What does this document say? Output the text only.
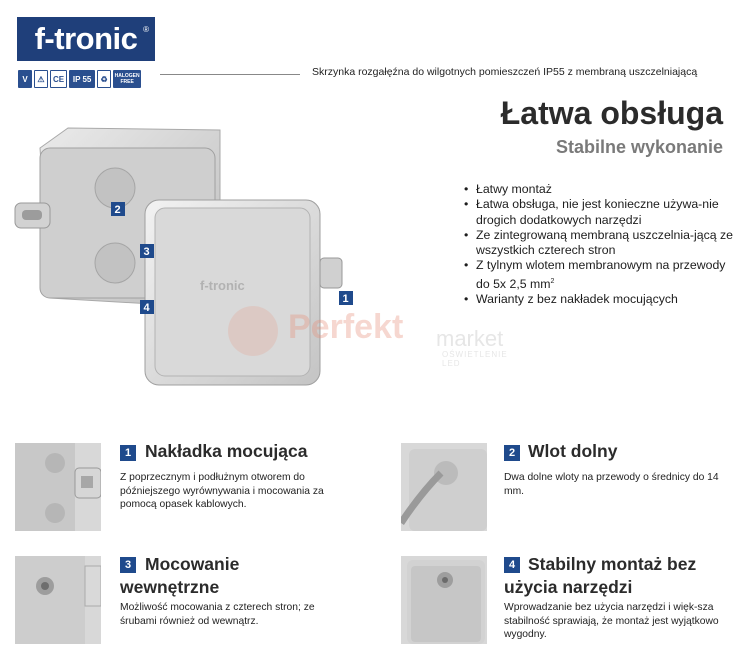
f-tronic ®
V	⚠	CE	IP 55	♻	HALOGEN FREE
Skrzynka rozgałęźna do wilgotnych pomieszczeń IP55 z membraną uszczelniającą
Łatwa obsługa
Stabilne wykonanie
• Łatwy montaż
• Łatwa obsługa, nie jest konieczne używa-nie drogich dodatkowych narzędzi
• Ze zintegrowaną membraną uszczelnia-jącą ze wszystkich czterech stron
• Z tylnym wlotem membranowym na przewody do 5x 2,5 $mm^2$
• Warianty z bez nakładek mocujących
f-tronic
2
3
4
1
Perfekt market
OŚWIETLENIE LED
1 Nakładka mocująca
Z poprzecznym i podłużnym otworem do późniejszego wyrównywania i mocowania za pomocą opasek kablowych.
2 Wlot dolny
Dwa dolne wloty na przewody o średnicy do 14 mm.
3 Mocowanie
wewnętrzne
Możliwość mocowania z czterech stron; ze śrubami również od wewnątrz.
4 Stabilny montaż bez
użycia narzędzi
Wprowadzanie bez użycia narzędzi i więk-sza stabilność sprawiają, że montaż jest wyjątkowo wygodny.
